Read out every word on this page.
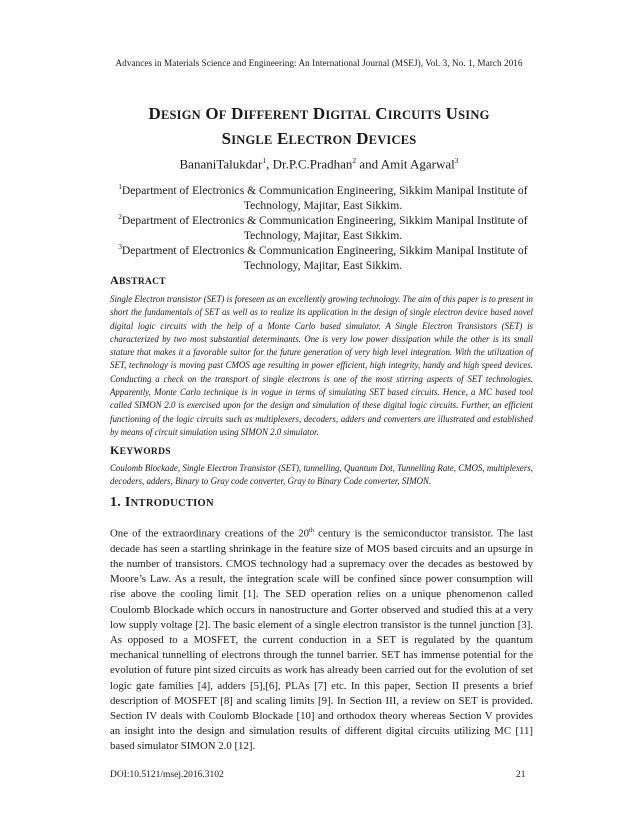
Advances in Materials Science and Engineering: An International Journal (MSEJ), Vol. 3, No. 1, March 2016
DESIGN OF DIFFERENT DIGITAL CIRCUITS USING
SINGLE ELECTRON DEVICES
BananiTalukdar$^1$, Dr.P.C.Pradhan$^2$ and Amit Agarwal$^3$
$^1$Department of Electronics & Communication Engineering, Sikkim Manipal Institute of
Technology, Majitar, East Sikkim.
$^2$Department of Electronics & Communication Engineering, Sikkim Manipal Institute of
Technology, Majitar, East Sikkim.
$^3$Department of Electronics & Communication Engineering, Sikkim Manipal Institute of
Technology, Majitar, East Sikkim.
ABSTRACT
Single Electron transistor (SET) is foreseen as an excellently growing technology. The aim of this paper is to present in short the fundamentals of SET as well as to realize its application in the design of single electron device based novel digital logic circuits with the help of a Monte Carlo based simulator. A Single Electron Transistors (SET) is characterized by two most substantial determinants. One is very low power dissipation while the other is its small stature that makes it a favorable suitor for the future generation of very high level integration. With the utilization of SET, technology is moving past CMOS age resulting in power efficient, high integrity, handy and high speed devices. Conducting a check on the transport of single electrons is one of the most stirring aspects of SET technologies. Apparently, Monte Carlo technique is in vogue in terms of simulating SET based circuits. Hence, a MC based tool called SIMON 2.0 is exercised upon for the design and simulation of these digital logic circuits. Further, an efficient functioning of the logic circuits such as multiplexers, decoders, adders and converters are illustrated and established by means of circuit simulation using SIMON 2.0 simulator.
KEYWORDS
Coulomb Blockade, Single Electron Transistor (SET), tunnelling, Quantum Dot, Tunnelling Rate, CMOS, multiplexers, decoders, adders, Binary to Gray code converter, Gray to Binary Code converter, SIMON.
1. INTRODUCTION
One of the extraordinary creations of the 20th century is the semiconductor transistor. The last decade has seen a startling shrinkage in the feature size of MOS based circuits and an upsurge in the number of transistors. CMOS technology had a supremacy over the decades as bestowed by Moore’s Law. As a result, the integration scale will be confined since power consumption will rise above the cooling limit [1]. The SED operation relies on a unique phenomenon called Coulomb Blockade which occurs in nanostructure and Gorter observed and studied this at a very low supply voltage [2]. The basic element of a single electron transistor is the tunnel junction [3]. As opposed to a MOSFET, the current conduction in a SET is regulated by the quantum mechanical tunnelling of electrons through the tunnel barrier. SET has immense potential for the evolution of future pint sized circuits as work has already been carried out for the evolution of set logic gate families [4], adders [5],[6], PLAs [7] etc. In this paper, Section II presents a brief description of MOSFET [8] and scaling limits [9]. In Section III, a review on SET is provided. Section IV deals with Coulomb Blockade [10] and orthodox theory whereas Section V provides an insight into the design and simulation results of different digital circuits utilizing MC [11] based simulator SIMON 2.0 [12].
DOI:10.5121/msej.2016.3102	21
